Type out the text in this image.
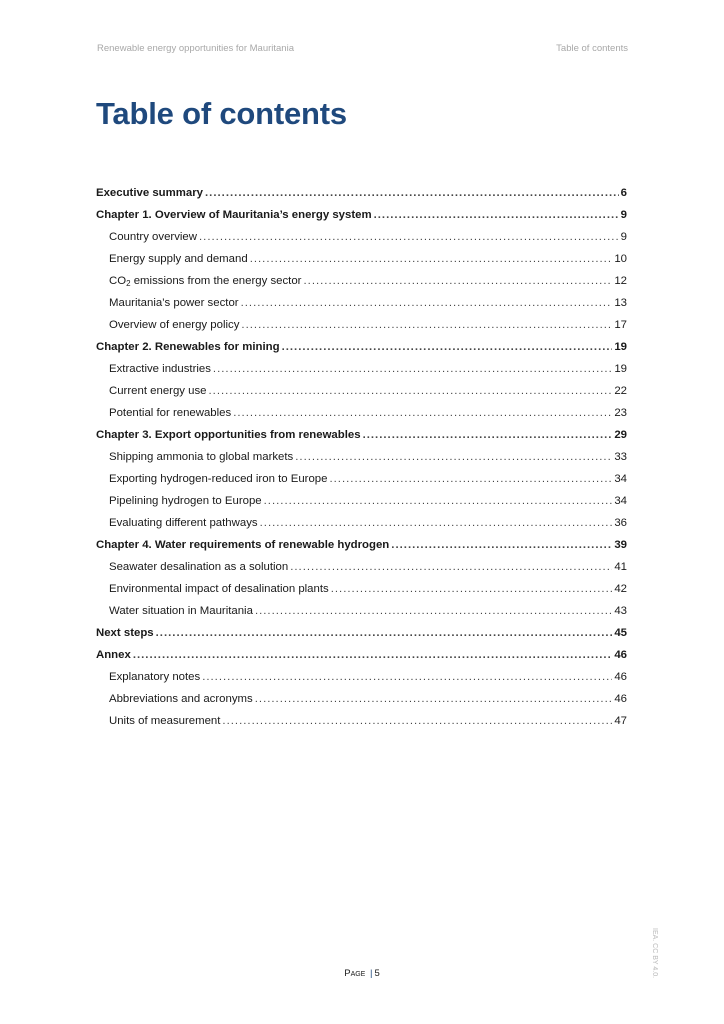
Renewable energy opportunities for Mauritania	Table of contents
Table of contents
Executive summary .....	6
Chapter 1. Overview of Mauritania’s energy system .....	9
Country overview .....	9
Energy supply and demand .....	10
$CO_2$ emissions from the energy sector .....	12
Mauritania’s power sector .....	13
Overview of energy policy .....	17
Chapter 2. Renewables for mining .....	19
Extractive industries .....	19
Current energy use .....	22
Potential for renewables .....	23
Chapter 3. Export opportunities from renewables .....	29
Shipping ammonia to global markets .....	33
Exporting hydrogen-reduced iron to Europe .....	34
Pipelining hydrogen to Europe .....	34
Evaluating different pathways .....	36
Chapter 4. Water requirements of renewable hydrogen .....	39
Seawater desalination as a solution .....	41
Environmental impact of desalination plants .....	42
Water situation in Mauritania .....	43
Next steps .....	45
Annex .....	46
Explanatory notes .....	46
Abbreviations and acronyms .....	46
Units of measurement .....	47
Page | 5	IEA. CC BY 4.0.
